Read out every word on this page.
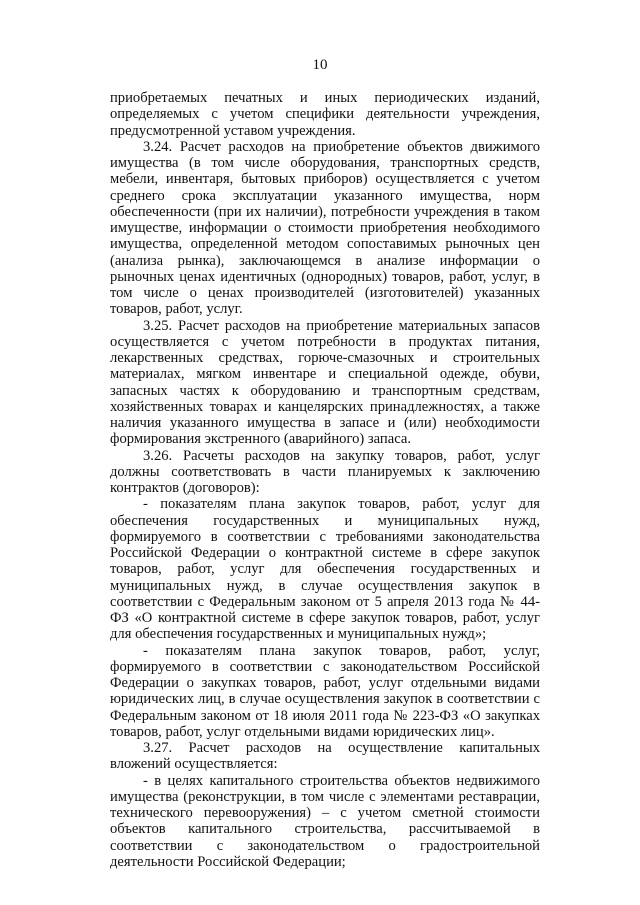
10

приобретаемых печатных и иных периодических изданий, определяемых с учетом специфики деятельности учреждения, предусмотренной уставом учреждения.

3.24. Расчет расходов на приобретение объектов движимого имущества (в том числе оборудования, транспортных средств, мебели, инвентаря, бытовых приборов) осуществляется с учетом среднего срока эксплуатации указанного имущества, норм обеспеченности (при их наличии), потребности учреждения в таком имуществе, информации о стоимости приобретения необходимого имущества, определенной методом сопоставимых рыночных цен (анализа рынка), заключающемся в анализе информации о рыночных ценах идентичных (однородных) товаров, работ, услуг, в том числе о ценах производителей (изготовителей) указанных товаров, работ, услуг.

3.25. Расчет расходов на приобретение материальных запасов осуществляется с учетом потребности в продуктах питания, лекарственных средствах, горюче-смазочных и строительных материалах, мягком инвентаре и специальной одежде, обуви, запасных частях к оборудованию и транспортным средствам, хозяйственных товарах и канцелярских принадлежностях, а также наличия указанного имущества в запасе и (или) необходимости формирования экстренного (аварийного) запаса.

3.26. Расчеты расходов на закупку товаров, работ, услуг должны соответствовать в части планируемых к заключению контрактов (договоров):

- показателям плана закупок товаров, работ, услуг для обеспечения государственных и муниципальных нужд, формируемого в соответствии с требованиями законодательства Российской Федерации о контрактной системе в сфере закупок товаров, работ, услуг для обеспечения государственных и муниципальных нужд, в случае осуществления закупок в соответствии с Федеральным законом от 5 апреля 2013 года № 44-ФЗ «О контрактной системе в сфере закупок товаров, работ, услуг для обеспечения государственных и муниципальных нужд»;

- показателям плана закупок товаров, работ, услуг, формируемого в соответствии с законодательством Российской Федерации о закупках товаров, работ, услуг отдельными видами юридических лиц, в случае осуществления закупок в соответствии с Федеральным законом от 18 июля 2011 года № 223-ФЗ «О закупках товаров, работ, услуг отдельными видами юридических лиц».

3.27. Расчет расходов на осуществление капитальных вложений осуществляется:

- в целях капитального строительства объектов недвижимого имущества (реконструкции, в том числе с элементами реставрации, технического перевооружения) – с учетом сметной стоимости объектов капитального строительства, рассчитываемой в соответствии с законодательством о градостроительной деятельности Российской Федерации;
